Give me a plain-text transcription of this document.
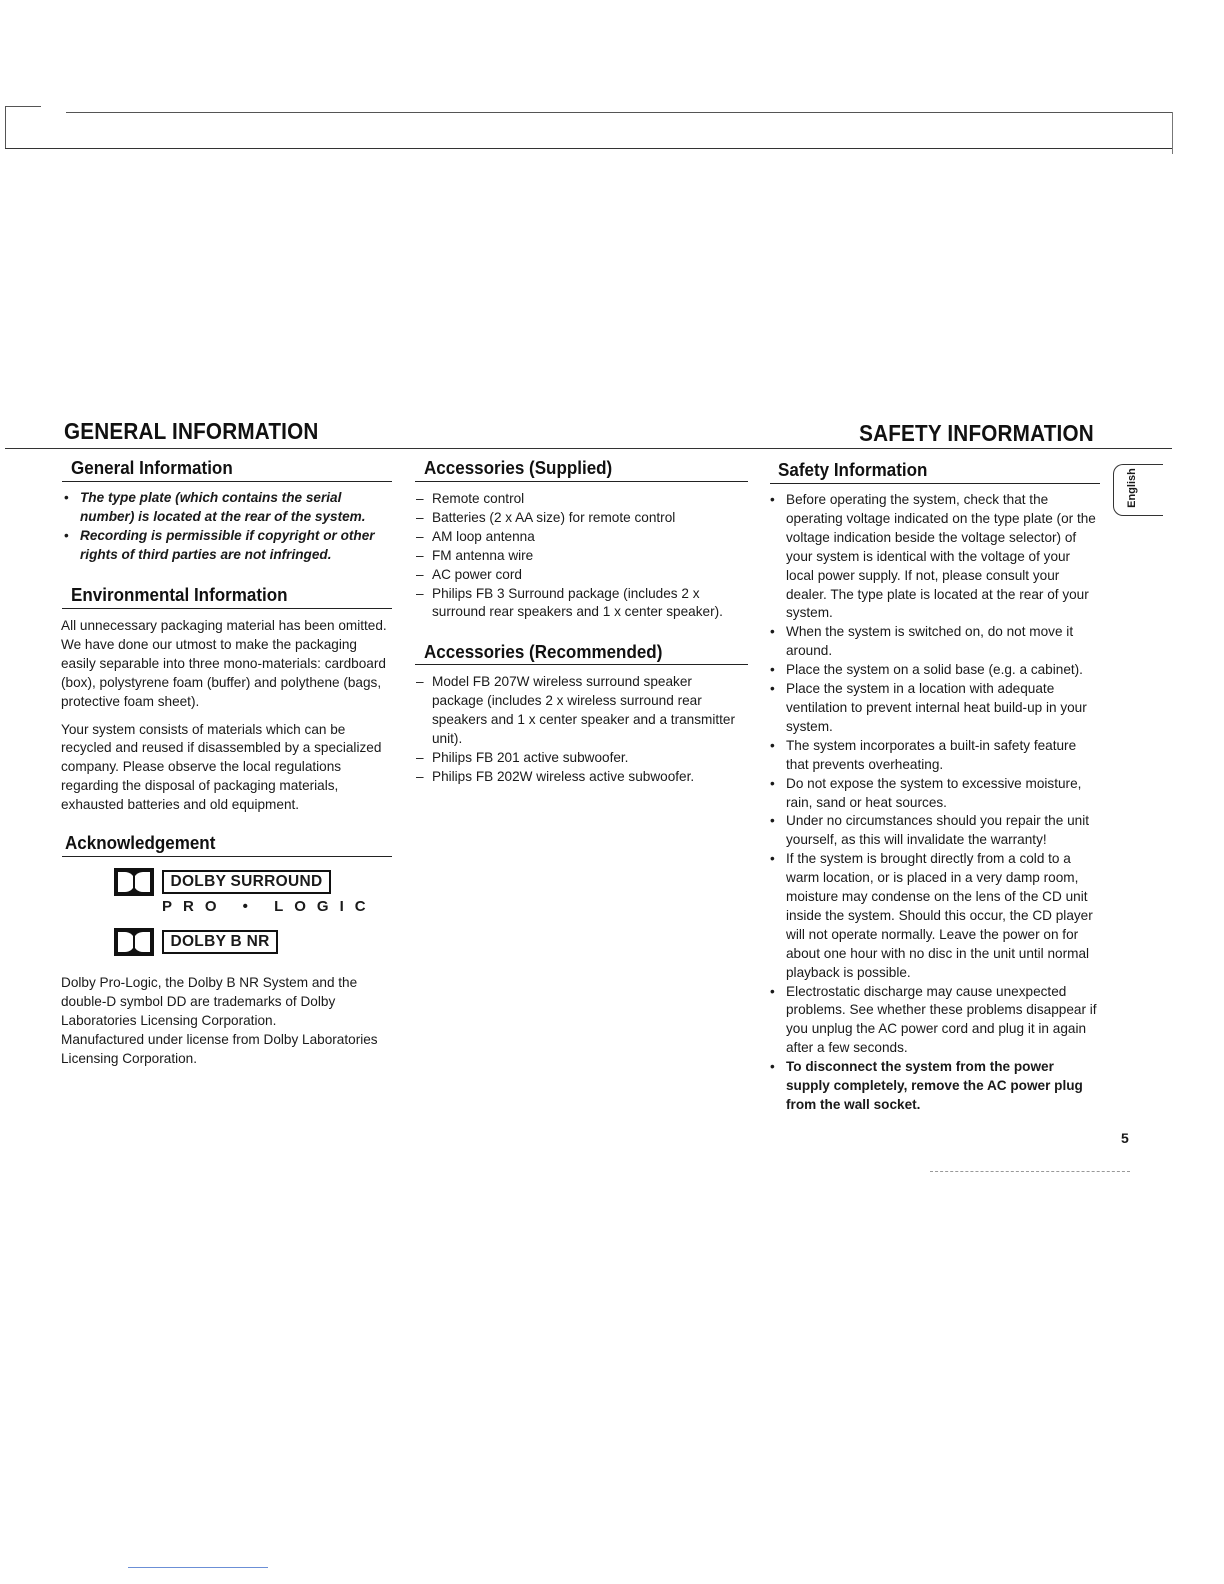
GENERAL INFORMATION	SAFETY INFORMATION
English
General Information
• The type plate (which contains the serial number) is located at the rear of the system.
• Recording is permissible if copyright or other rights of third parties are not infringed.
Environmental Information

All unnecessary packaging material has been omitted. We have done our utmost to make the packaging easily separable into three mono-materials: cardboard (box), polystyrene foam (buffer) and polythene (bags, protective foam sheet).

Your system consists of materials which can be recycled and reused if disassembled by a specialized company. Please observe the local regulations regarding the disposal of packaging materials, exhausted batteries and old equipment.

Acknowledgement
DOLBY SURROUND
PRO • LOGIC
DOLBY B NR

Dolby Pro-Logic, the Dolby B NR System and the double-D symbol DD are trademarks of Dolby Laboratories Licensing Corporation.

Manufactured under license from Dolby Laboratories Licensing Corporation.

Accessories (Supplied)
– Remote control
– Batteries (2 x AA size) for remote control
– AM loop antenna
– FM antenna wire
– AC power cord
– Philips FB 3 Surround package (includes 2 x surround rear speakers and 1 x center speaker).
Accessories (Recommended)
– Model FB 207W wireless surround speaker package (includes 2 x wireless surround rear speakers and 1 x center speaker and a transmitter unit).
– Philips FB 201 active subwoofer.
– Philips FB 202W wireless active subwoofer.
Safety Information
• Before operating the system, check that the operating voltage indicated on the type plate (or the voltage indication beside the voltage selector) of your system is identical with the voltage of your local power supply. If not, please consult your dealer. The type plate is located at the rear of your system.
• When the system is switched on, do not move it around.
• Place the system on a solid base (e.g. a cabinet).
• Place the system in a location with adequate ventilation to prevent internal heat build-up in your system.
• The system incorporates a built-in safety feature that prevents overheating.
• Do not expose the system to excessive moisture, rain, sand or heat sources.
• Under no circumstances should you repair the unit yourself, as this will invalidate the warranty!
• If the system is brought directly from a cold to a warm location, or is placed in a very damp room, moisture may condense on the lens of the CD unit inside the system. Should this occur, the CD player will not operate normally. Leave the power on for about one hour with no disc in the unit until normal playback is possible.
• Electrostatic discharge may cause unexpected problems. See whether these problems disappear if you unplug the AC power cord and plug it in again after a few seconds.
• To disconnect the system from the power supply completely, remove the AC power plug from the wall socket.
5
